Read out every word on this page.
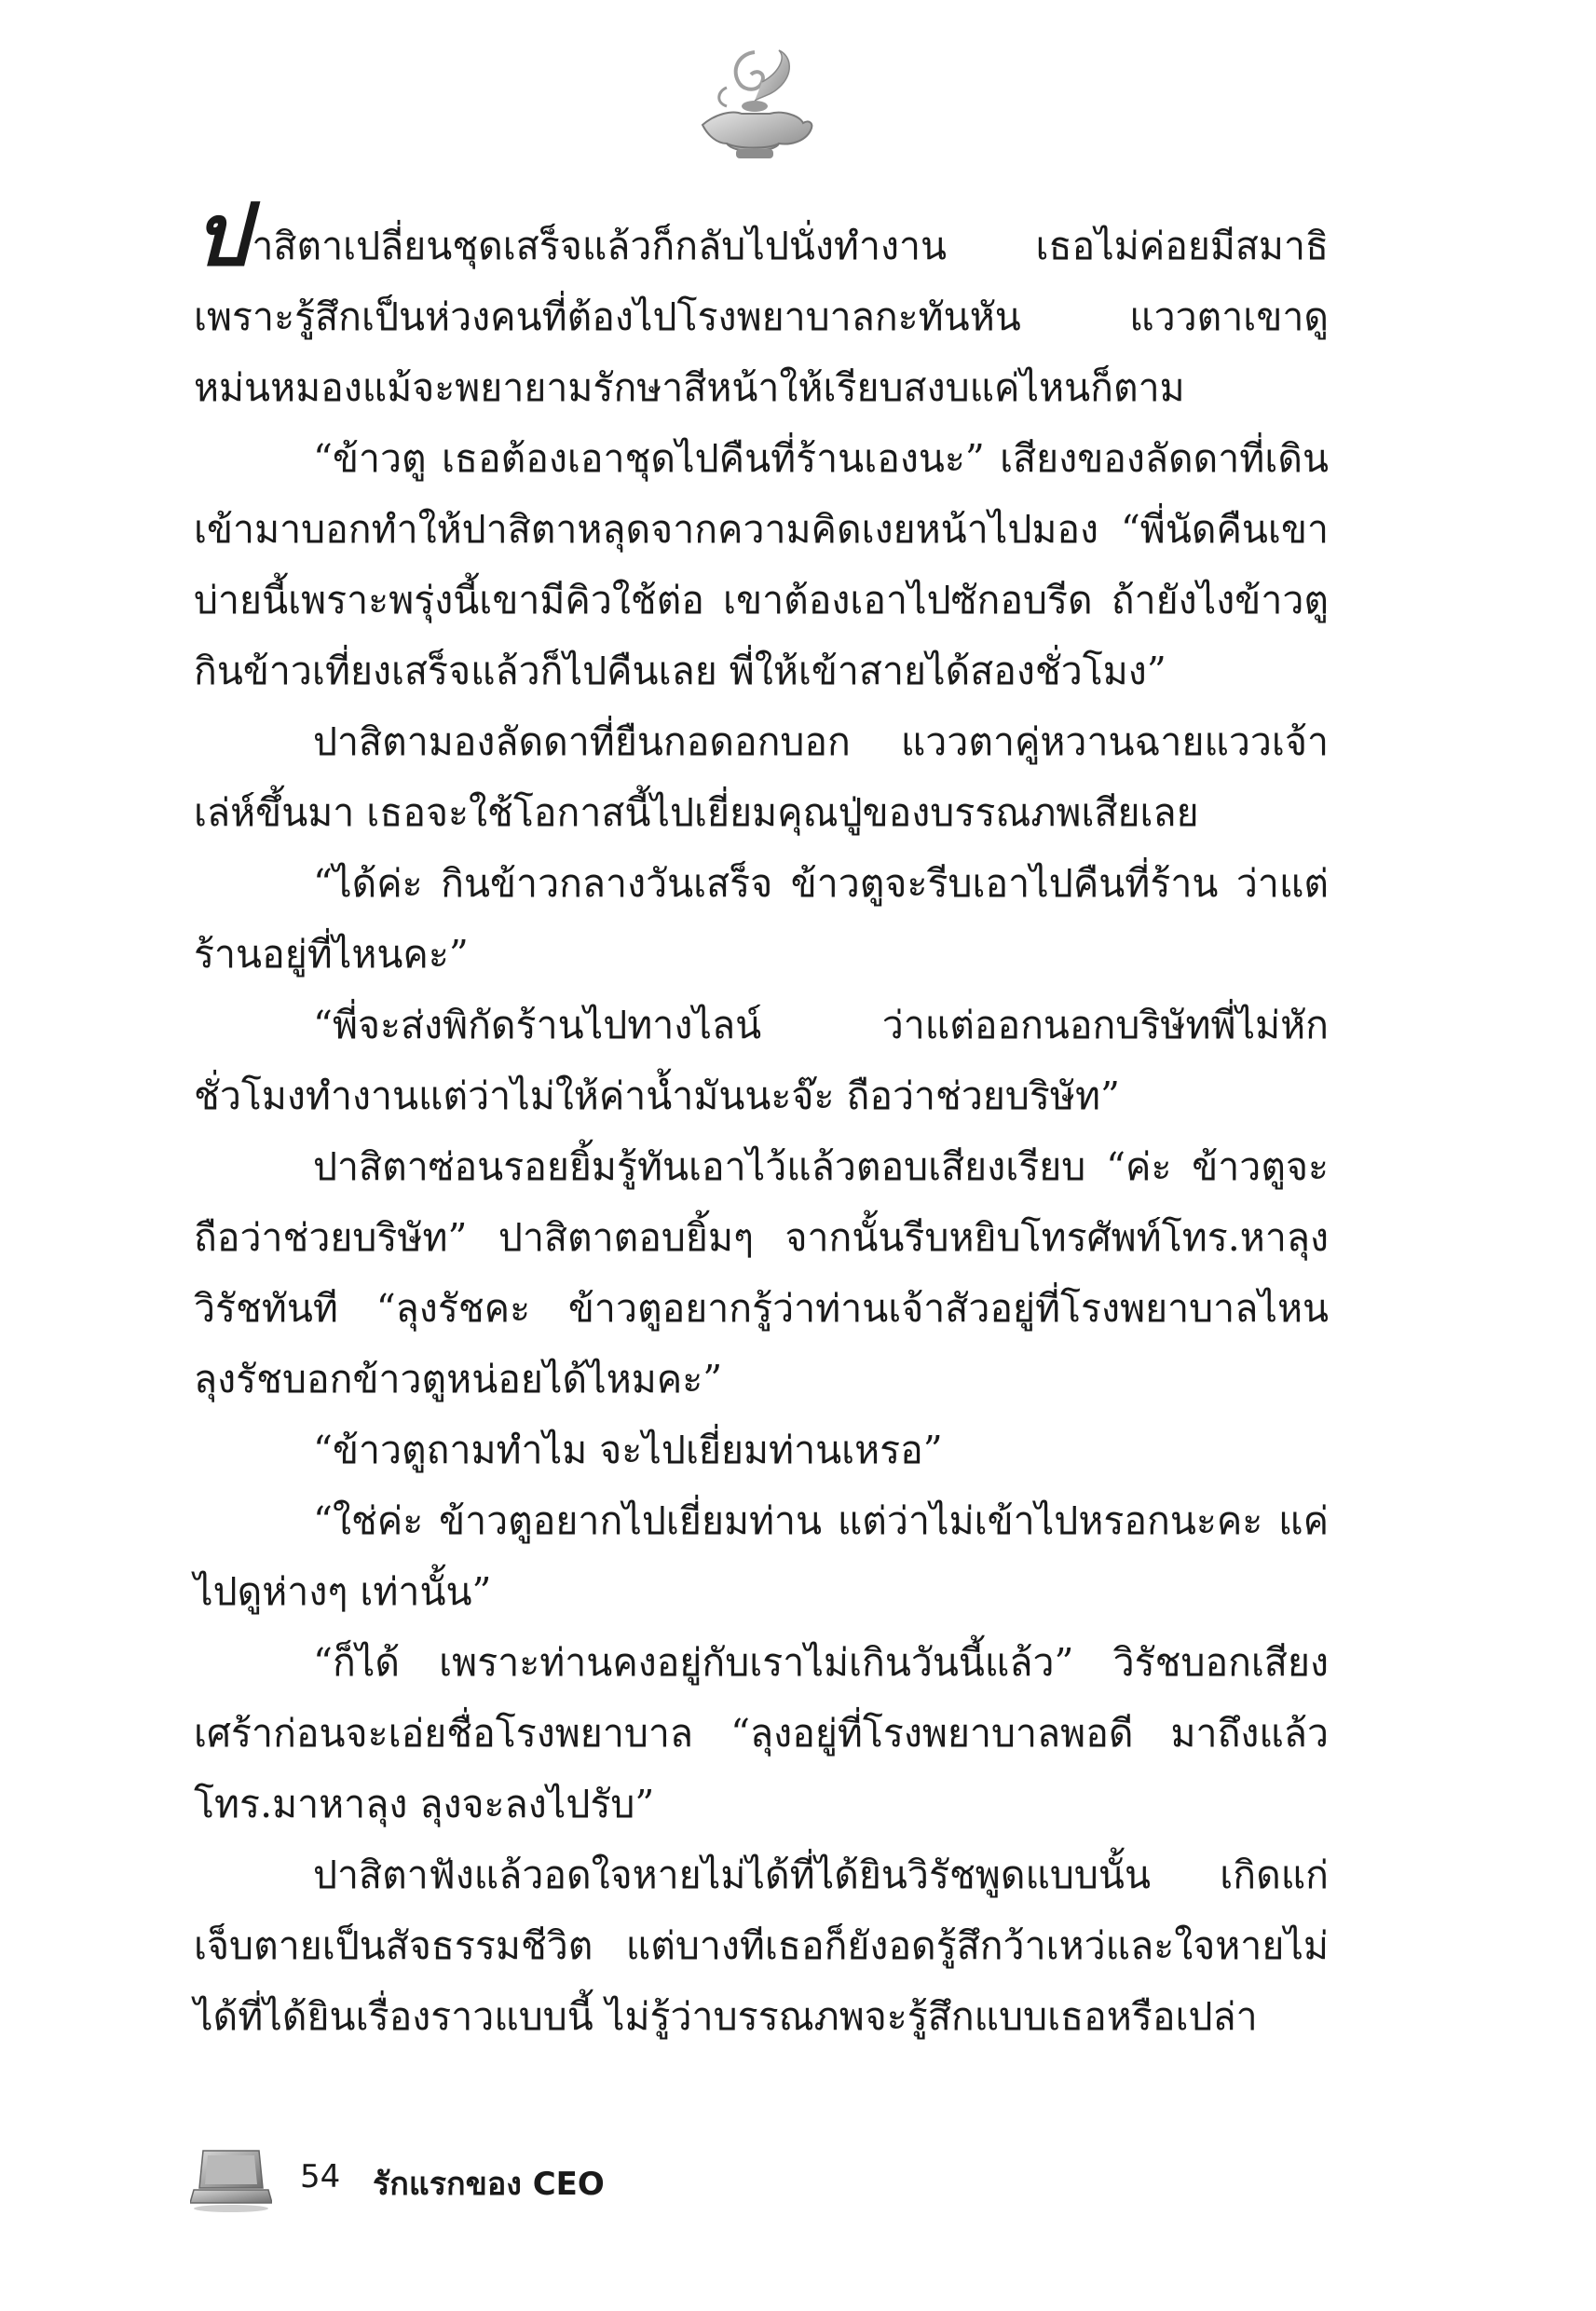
ปาสิตาเปลี่ยนชุดเสร็จแล้วก็กลับไปนั่งทำงาน เธอไม่ค่อยมีสมาธิ เพราะรู้สึกเป็นห่วงคนที่ต้องไปโรงพยาบาลกะทันหัน แววตาเขาดูหม่นหมองแม้จะพยายามรักษาสีหน้าให้เรียบสงบแค่ไหนก็ตาม

“ข้าวตู เธอต้องเอาชุดไปคืนที่ร้านเองนะ” เสียงของลัดดาที่เดินเข้ามาบอกทำให้ปาสิตาหลุดจากความคิดเงยหน้าไปมอง “พี่นัดคืนเขาบ่ายนี้เพราะพรุ่งนี้เขามีคิวใช้ต่อ เขาต้องเอาไปซักอบรีด ถ้ายังไงข้าวตูกินข้าวเที่ยงเสร็จแล้วก็ไปคืนเลย พี่ให้เข้าสายได้สองชั่วโมง”

ปาสิตามองลัดดาที่ยืนกอดอกบอก แววตาคู่หวานฉายแววเจ้าเล่ห์ขึ้นมา เธอจะใช้โอกาสนี้ไปเยี่ยมคุณปู่ของบรรณภพเสียเลย

“ได้ค่ะ กินข้าวกลางวันเสร็จ ข้าวตูจะรีบเอาไปคืนที่ร้าน ว่าแต่ร้านอยู่ที่ไหนคะ”

“พี่จะส่งพิกัดร้านไปทางไลน์ ว่าแต่ออกนอกบริษัทพี่ไม่หักชั่วโมงทำงานแต่ว่าไม่ให้ค่าน้ำมันนะจ๊ะ ถือว่าช่วยบริษัท”

ปาสิตาซ่อนรอยยิ้มรู้ทันเอาไว้แล้วตอบเสียงเรียบ “ค่ะ ข้าวตูจะถือว่าช่วยบริษัท” ปาสิตาตอบยิ้มๆ จากนั้นรีบหยิบโทรศัพท์โทร.หาลุงวิรัชทันที “ลุงรัชคะ ข้าวตูอยากรู้ว่าท่านเจ้าสัวอยู่ที่โรงพยาบาลไหน ลุงรัชบอกข้าวตูหน่อยได้ไหมคะ”

“ข้าวตูถามทำไม จะไปเยี่ยมท่านเหรอ”

“ใช่ค่ะ ข้าวตูอยากไปเยี่ยมท่าน แต่ว่าไม่เข้าไปหรอกนะคะ แค่ไปดูห่างๆ เท่านั้น”

“ก็ได้ เพราะท่านคงอยู่กับเราไม่เกินวันนี้แล้ว” วิรัชบอกเสียงเศร้าก่อนจะเอ่ยชื่อโรงพยาบาล “ลุงอยู่ที่โรงพยาบาลพอดี มาถึงแล้วโทร.มาหาลุง ลุงจะลงไปรับ”

ปาสิตาฟังแล้วอดใจหายไม่ได้ที่ได้ยินวิรัชพูดแบบนั้น เกิดแก่เจ็บตายเป็นสัจธรรมชีวิต แต่บางทีเธอก็ยังอดรู้สึกว้าเหว่และใจหายไม่ได้ที่ได้ยินเรื่องราวแบบนี้ ไม่รู้ว่าบรรณภพจะรู้สึกแบบเธอหรือเปล่า

54 รักแรกของ CEO
